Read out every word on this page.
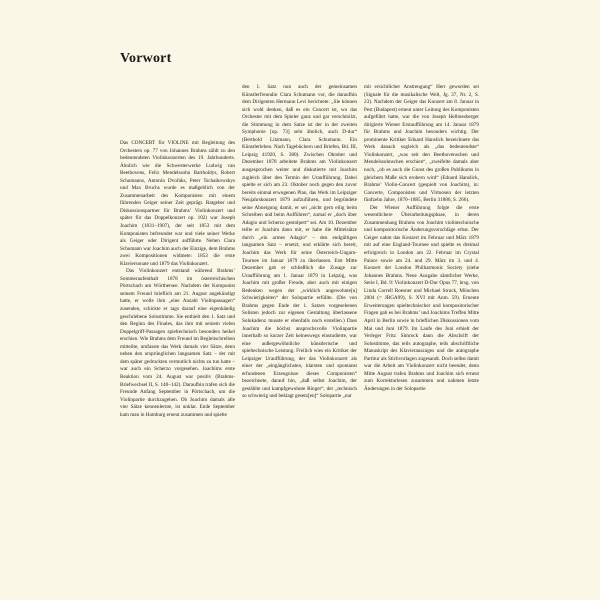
Vorwort

Das CONCERT für VIOLINE mit Begleitung des Orchesters op. 77 von Johannes Brahms zählt zu den bedeutendsten Violinkonzerten des 19. Jahrhunderts. Ähnlich wie die Schwesterwerke Ludwig van Beethovens, Felix Mendelssohn Bartholdys, Robert Schumanns, Antonín Dvořáks, Peter Tschaikowskys und Max Bruchs wurde es maßgeblich von der Zusammenarbeit des Komponisten mit einem führenden Geiger seiner Zeit geprägt. Ratgeber und Diskussionspartner für Brahms’ Violinkonzert und später für das Doppelkonzert op. 102) war Joseph Joachim (1831–1907), der seit 1853 mit dem Komponisten befreundet war und viele seiner Werke als Geiger oder Dirigent aufführte. Neben Clara Schumann war Joachim auch der Einzige, dem Brahms zwei Kompositionen widmete: 1853 die erste Klaviersonate und 1879 das Violinkonzert.

Das Violinkonzert entstand während Brahms’ Sommeraufenthalt 1878 im österreichischen Pörtschach am Wörthersee. Nachdem der Komponist seinem Freund brieflich am 21. August angekündigt hatte, er wolle ihm „eine Anzahl Violinpassagen“ zusenden, schickte er tags darauf eine eigenhändig geschriebene Solostimme. Sie enthielt den 1. Satz und den Beginn des Finales, das ihm mit seinem vielen Doppelgriff-Passagen spieltechnisch besonders heikel erschien. Wie Brahms dem Freund im Begleitschreiben mitteilte, umfasste das Werk damals vier Sätze, denn neben den ursprünglichen langsamen Satz – der mit dem später gedruckten vermutlich nichts zu tun hatte – war auch ein Scherzo vorgesehen. Joachims erste Reaktion vom 24. August war positiv (Brahms-Briefwechsel II, S. 140–142). Daraufhin trafen sich die Freunde Anfang September in Pörtschach, um die Violinpartie durchzugehen. Ob Joachim damals alle vier Sätze kennenlernte, ist unklar. Ende September kam man in Hamburg erneut zusammen und spielte

den 1. Satz nun auch der gemeinsamen Künstlerfreundin Clara Schumann vor, die daraufhin dem Dirigenten Hermann Levi berichtete: „Sie können sich wohl denken, daß es ein Concert ist, wo das Orchester mit dem Spieler ganz und gar verschmilzt, die Stimmung in dem Satze ist der in der zweiten Symphonie [op. 73] sehr ähnlich, auch D-dur“ (Berthold Litzmann, Clara Schumann. Ein Künstlerleben. Nach Tagebüchern und Briefen, Bd. III, Leipzig 41920, S. 380). Zwischen Oktober und Dezember 1878 arbeitete Brahms am Violinkonzert ausgesprochen weiter und diskutierte mit Joachim zugleich über den Termin der Uraufführung. Dabei spielte er sich am 23. Oktober noch gegen den zuvor bereits einmal erwogenen Plan, das Werk im Leipziger Neujahrskonzert 1879 aufzuführen, und begründete seine Abneigung damit, er sei „nicht gern eilig beim Schreiben und beim Aufführen“, zumal er „doch über Adagio und Scherzo gestolpert“ sei. Am 10. Dezember teilte er Joachim dann mit, er habe die Mittelsätze durch „ein armes Adagio“ – den endgültigen langsamen Satz – ersetzt, und erklärte sich bereit, Joachim das Werk für seine Österreich-Ungarn-Tournee im Januar 1879 zu überlassen. Erst Mitte Dezember gab er schließlich die Zusage zur Uraufführung am 1. Januar 1879 in Leipzig, was Joachim mit großer Freude, aber auch mit einigen Bedenken wegen der „wirklich angewohnte[n] Schwierigkeiten“ der Solopartie erfüllte. (Die von Brahms gegen Ende der 1. Satzes vorgesehenen Solisten jedoch zur eigenen Gestaltung überlassene Solokadenz musste er ebenfalls noch erstellen.) Dass Joachim die höchst anspruchsvolle Violinpartie innerhalb so kurzer Zeit keineswegs einstudierte, war eine außergewöhnliche künstlerische und spieltechnische Leistung. Freilich wies ein Kritiker der Leipziger Uraufführung, der das Violinkonzert als einer der „eingänglichsten, klarsten und spontanst erfundenen Erzeugnisse dieses Componisten“ bezeichnete, darauf hin, „daß selbst Joachim, der gestählte und kampfgewohnte Ringer“, der „technisch so schwierig und beklagt gesetz[en]“ Solopartie „nur

mit ersichtlicher Anstrengung“ Herr geworden sei (Signale für die musikalische Welt, Jg. 37, Nr. 2, S. 23). Nachdem der Geiger das Konzert am 8. Januar in Pest (Budapest) erneut unter Leitung des Komponisten aufgeführt hatte, war die von Joseph Hellmesberger dirigierte Wiener Erstaufführung am 14. Januar 1879 für Brahms und Joachim besonders wichtig. Der prominente Kritiker Eduard Hanslick bezeichnete das Werk danach sogleich als „das bedeutendste“ Violinkonzert, „was seit den Beethovenschen und Mendelssohnschen erschien“, „zweifelte damals aber noch, „ob es auch die Gunst des großen Publikums in gleichem Maße sich erobern wird“ (Eduard Hanslick, Brahms’ Violin-Concert (gespielt von Joachim), in: Concerte, Componisten und Virtuosen der letzten fünfzehn Jahre, 1870–1885, Berlin 31886, S. 266).

Der Wiener Aufführung folgte die erste wesentlichere Überarbeitungsphase, in deren Zusammenhang Brahms von Joachim violintechnische und kompositorische Änderungsvorschläge erbat. Der Geiger nahm das Konzert im Februar und März 1879 mit auf eine England-Tournee und spielte es dreimal erfolgreich in London am 22. Februar im Crystal Palace sowie am 24. und 29. März im 3. und 4. Konzert der London Philharmonic Society (siehe Johannes Brahms. Neue Ausgabe sämtlicher Werke, Serie I, Bd. 9: Violinkonzert D-Dur Opus 77, hrsg. von Linda Correll Roesner und Michael Struck, München 2004 (= JBGA99), S. XVI mit Anm. 59). Erneute Erweiterungen spieltechnischer und kompositorischer Fragen gab es bei Brahms’ und Joachims Treffen Mitte April in Berlin sowie in brieflichen Diskussionen vom Mai und Juni 1879. Im Laufe des Juni erhielt der Verleger Fritz Simrock dann die Abschrift der Solostimme, das teils autographe, teils abschriftliche Manuskript des Klavierauszuges und die autographe Partitur als Stichvorlagen zugesandt. Doch selbst damit war die Arbeit am Violinkonzert nicht beendet, denn Mitte August trafen Brahms und Joachim sich erneut zum Korrekturlesen zusammen und nahmen letzte Änderungen in der Solopartie
